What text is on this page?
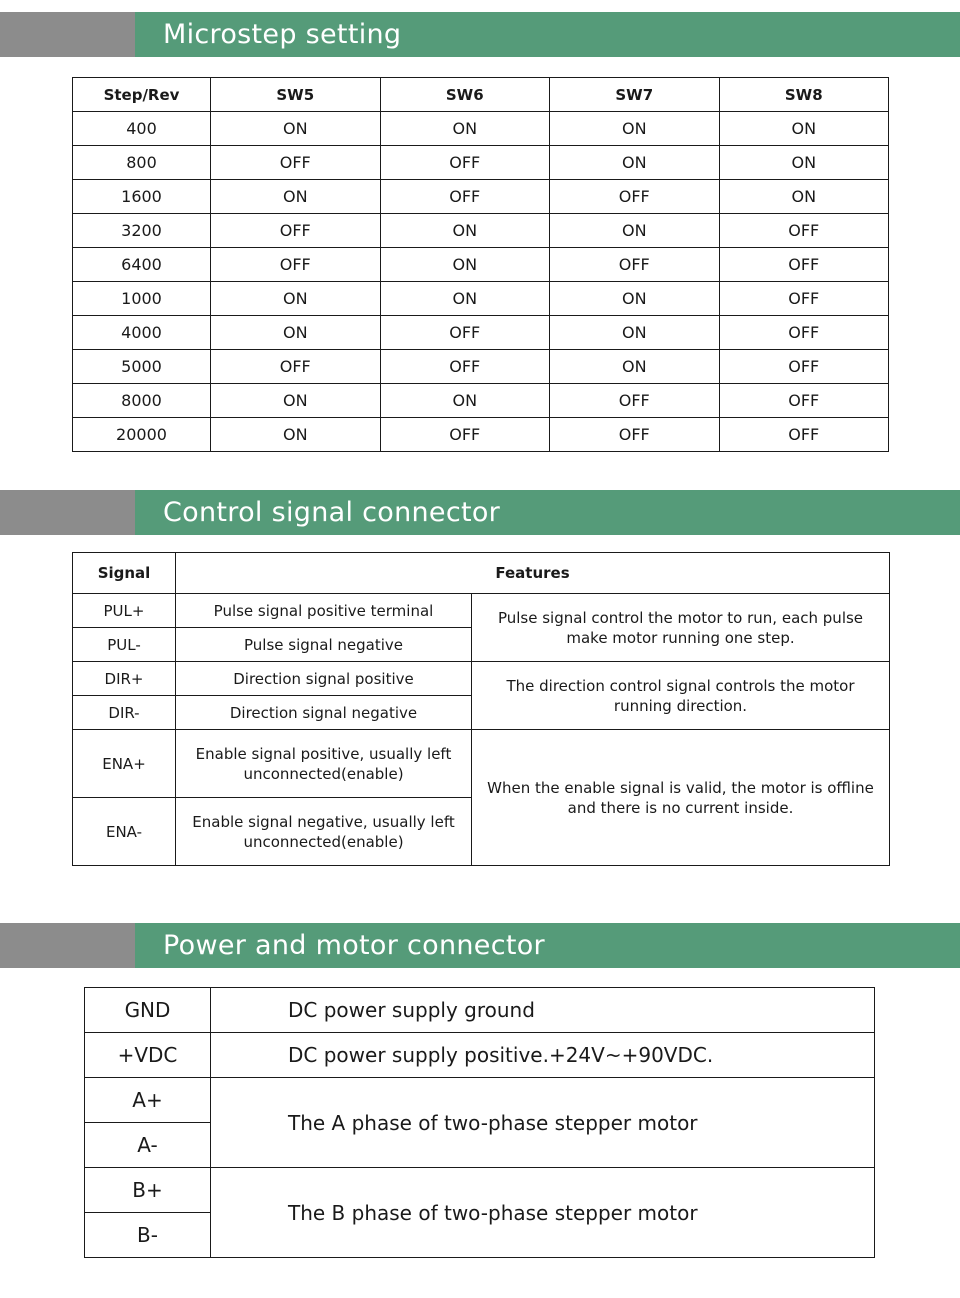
Microstep setting
Control signal connector
Power and motor connector
Step/Rev	SW5	SW6	SW7	SW8
400	ON	ON	ON	ON
800	OFF	OFF	ON	ON
1600	ON	OFF	OFF	ON
3200	OFF	ON	ON	OFF
6400	OFF	ON	OFF	OFF
1000	ON	ON	ON	OFF
4000	ON	OFF	ON	OFF
5000	OFF	OFF	ON	OFF
8000	ON	ON	OFF	OFF
20000	ON	OFF	OFF	OFF
Signal	Features	
PUL+	Pulse signal positive terminal	Pulse signal control the motor to run, each pulse make motor running one step.
PUL-	Pulse signal negative	
DIR+	Direction signal positive	The direction control signal controls the motor running direction.
DIR-	Direction signal negative	
ENA+	Enable signal positive, usually left unconnected(enable)	When the enable signal is valid, the motor is offline and there is no current inside.
ENA-	Enable signal negative, usually left unconnected(enable)	
GND	DC power supply ground
+VDC	DC power supply positive.+24V~+90VDC.
A+	The A phase of two-phase stepper motor
A-	
B+	The B phase of two-phase stepper motor
B-	
